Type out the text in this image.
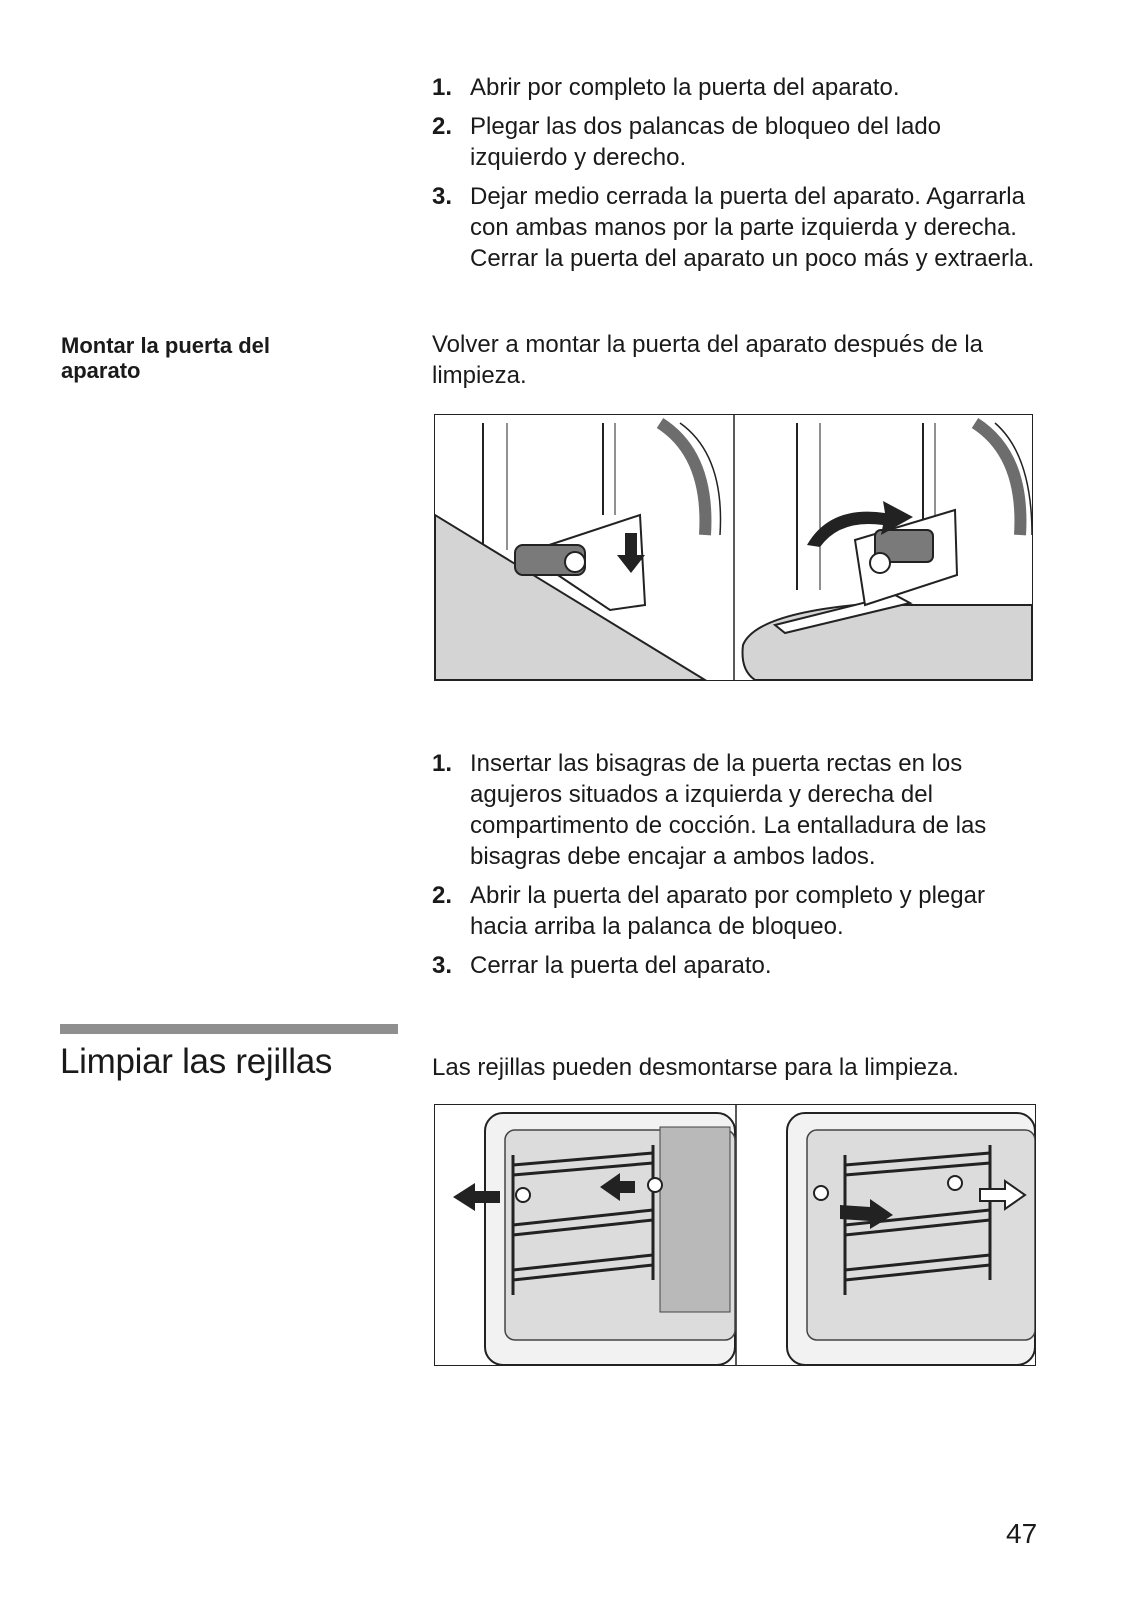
1. Abrir por completo la puerta del aparato.
2. Plegar las dos palancas de bloqueo del lado izquierdo y derecho.
3. Dejar medio cerrada la puerta del aparato. Agarrarla con ambas manos por la parte izquierda y derecha. Cerrar la puerta del aparato un poco más y extraerla.
Montar la puerta del aparato
Volver a montar la puerta del aparato después de la limpieza.
1. Insertar las bisagras de la puerta rectas en los agujeros situados a izquierda y derecha del compartimento de cocción. La entalladura de las bisagras debe encajar a ambos lados.
2. Abrir la puerta del aparato por completo y plegar hacia arriba la palanca de bloqueo.
3. Cerrar la puerta del aparato.
Limpiar las rejillas	Las rejillas pueden desmontarse para la limpieza.
47
